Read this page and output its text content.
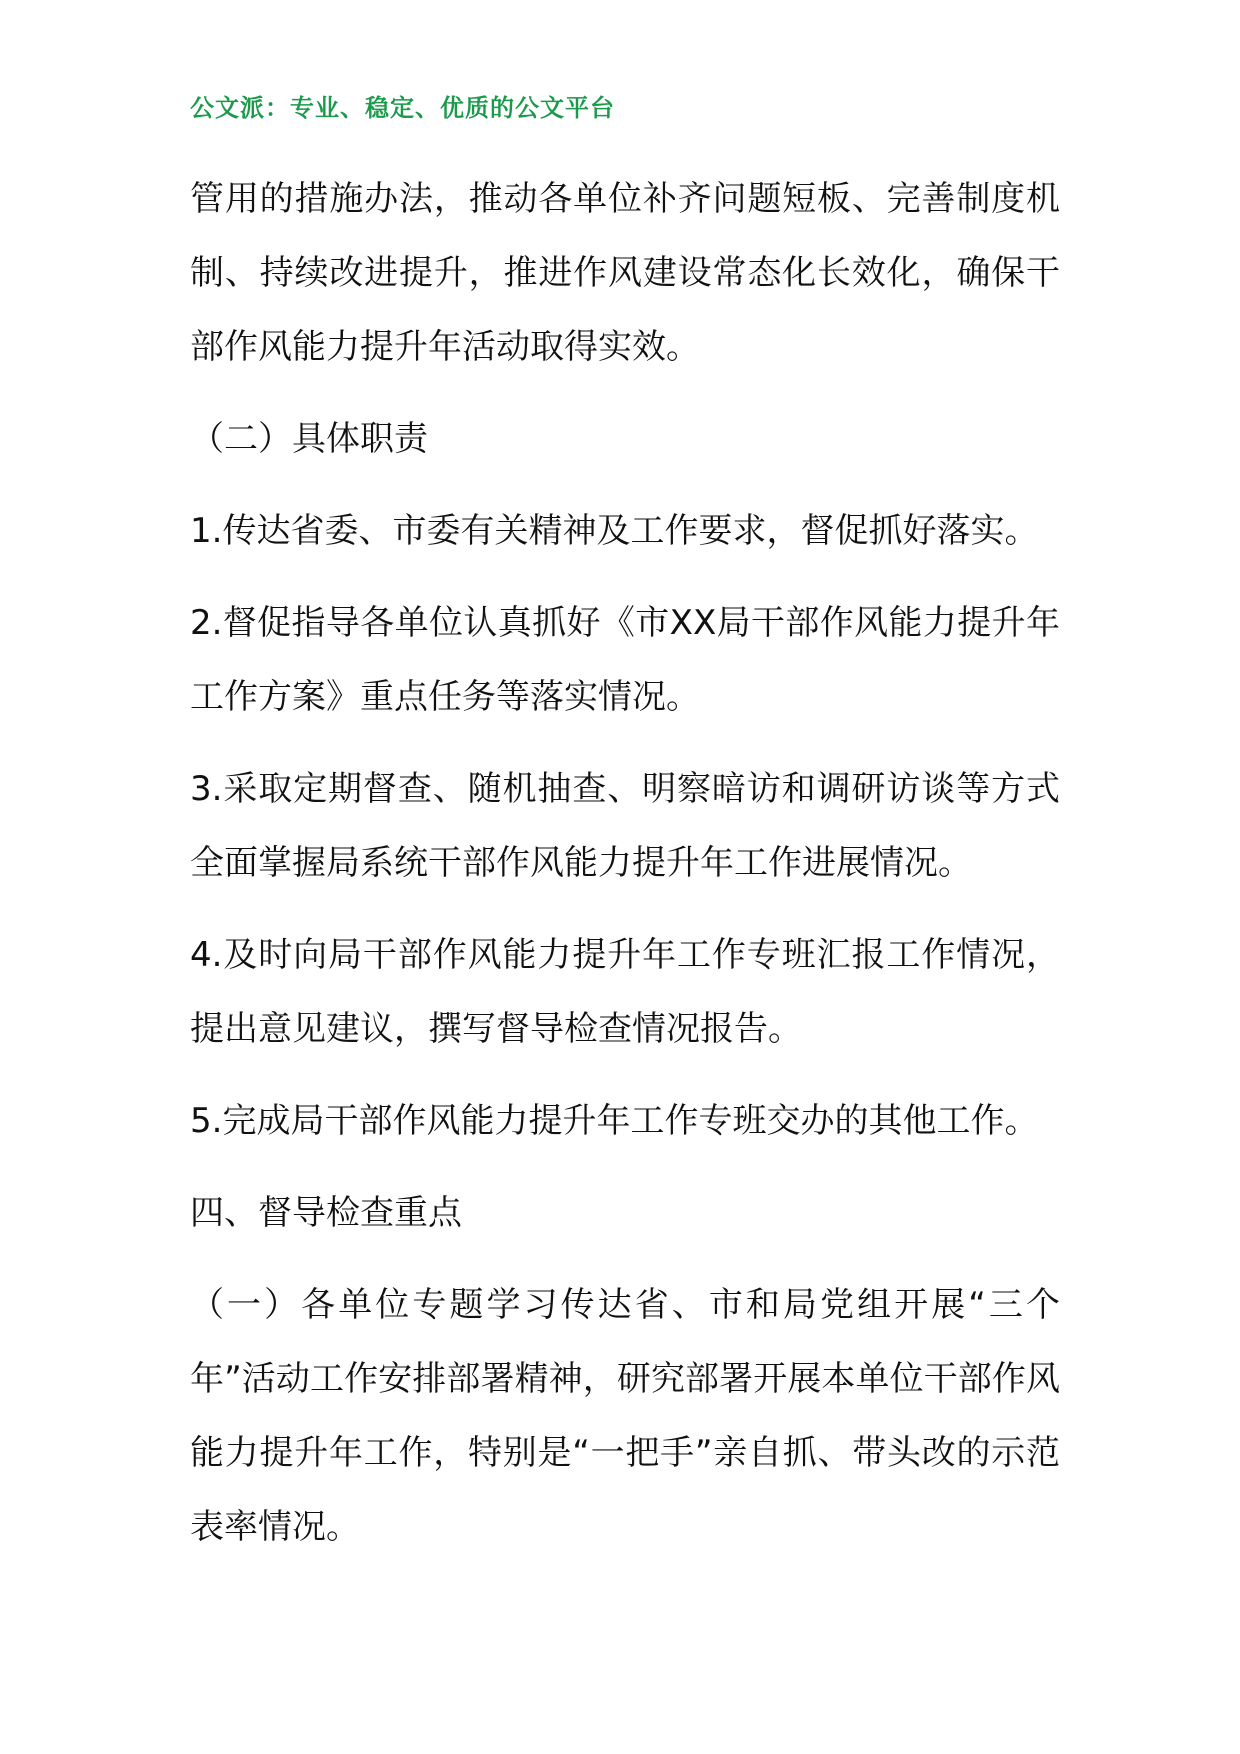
公文派：专业、稳定、优质的公文平台

管用的措施办法，推动各单位补齐问题短板、完善制度机制、持续改进提升，推进作风建设常态化长效化，确保干部作风能力提升年活动取得实效。

（二）具体职责

1.传达省委、市委有关精神及工作要求，督促抓好落实。

2.督促指导各单位认真抓好《市XX局干部作风能力提升年工作方案》重点任务等落实情况。

3.采取定期督查、随机抽查、明察暗访和调研访谈等方式全面掌握局系统干部作风能力提升年工作进展情况。

4.及时向局干部作风能力提升年工作专班汇报工作情况，提出意见建议，撰写督导检查情况报告。

5.完成局干部作风能力提升年工作专班交办的其他工作。

四、督导检查重点

（一）各单位专题学习传达省、市和局党组开展“三个年”活动工作安排部署精神，研究部署开展本单位干部作风能力提升年工作，特别是“一把手”亲自抓、带头改的示范表率情况。
